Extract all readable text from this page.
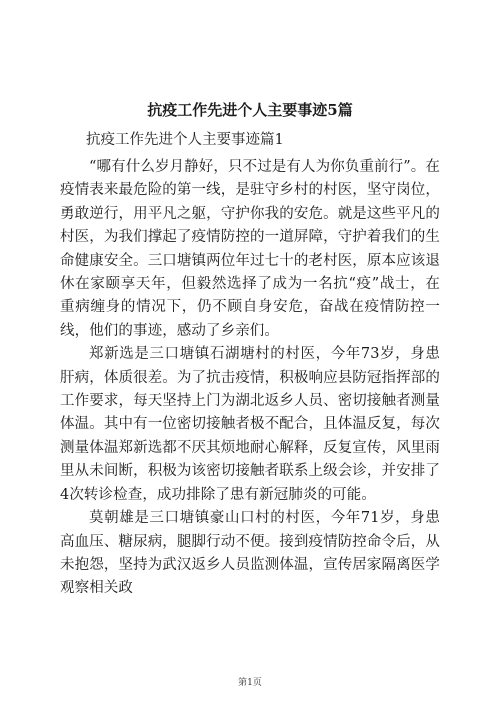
抗疫工作先进个人主要事迹5篇
抗疫工作先进个人主要事迹篇1

“哪有什么岁月静好，只不过是有人为你负重前行”。在疫情表来最危险的第一线，是驻守乡村的村医，坚守岗位，勇敢逆行，用平凡之躯，守护你我的安危。就是这些平凡的村医，为我们撑起了疫情防控的一道屏障，守护着我们的生命健康安全。三口塘镇两位年过七十的老村医，原本应该退休在家颐享天年，但毅然选择了成为一名抗“疫”战士，在重病缠身的情况下，仍不顾自身安危，奋战在疫情防控一线，他们的事迹，感动了乡亲们。

郑新选是三口塘镇石湖塘村的村医，今年73岁，身患肝病，体质很差。为了抗击疫情，积极响应县防冠指挥部的工作要求，每天坚持上门为湖北返乡人员、密切接触者测量体温。其中有一位密切接触者极不配合，且体温反复，每次测量体温郑新选都不厌其烦地耐心解释，反复宣传，风里雨里从未间断，积极为该密切接触者联系上级会诊，并安排了4次转诊检查，成功排除了患有新冠肺炎的可能。

莫朝雄是三口塘镇豪山口村的村医，今年71岁，身患高血压、糖尿病，腿脚行动不便。接到疫情防控命令后，从未抱怨，坚持为武汉返乡人员监测体温，宣传居家隔离医学观察相关政

第1页
